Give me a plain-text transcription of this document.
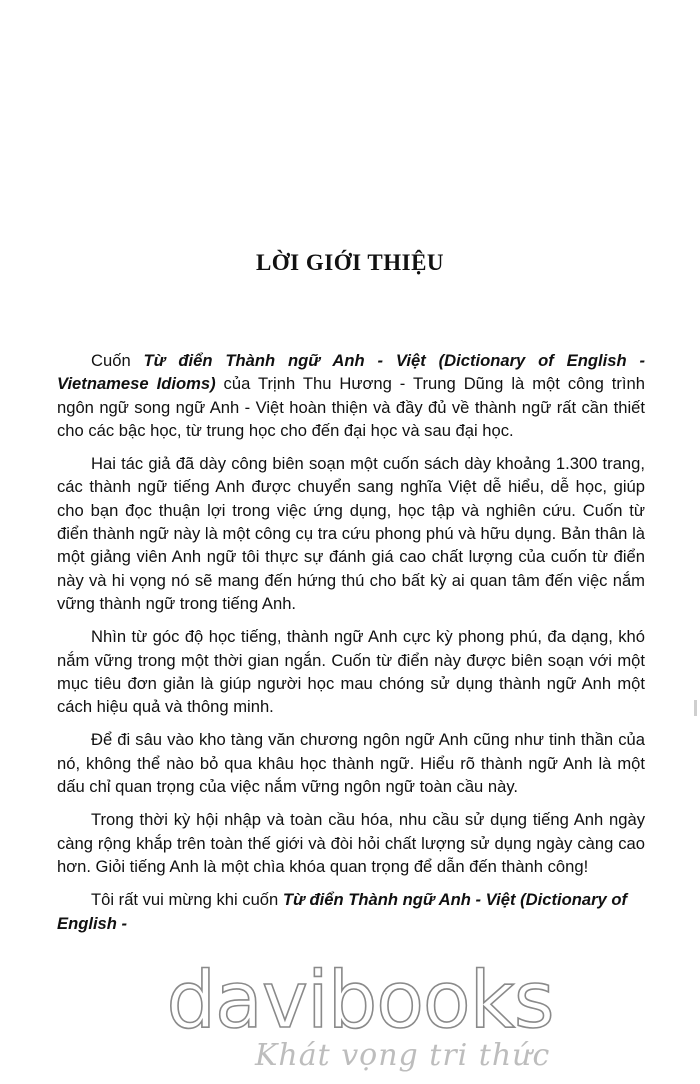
LỜI GIỚI THIỆU

Cuốn Từ điển Thành ngữ Anh - Việt (Dictionary of English - Vietnamese Idioms) của Trịnh Thu Hương - Trung Dũng là một công trình ngôn ngữ song ngữ Anh - Việt hoàn thiện và đầy đủ về thành ngữ rất cần thiết cho các bậc học, từ trung học cho đến đại học và sau đại học.

Hai tác giả đã dày công biên soạn một cuốn sách dày khoảng 1.300 trang, các thành ngữ tiếng Anh được chuyển sang nghĩa Việt dễ hiểu, dễ học, giúp cho bạn đọc thuận lợi trong việc ứng dụng, học tập và nghiên cứu. Cuốn từ điển thành ngữ này là một công cụ tra cứu phong phú và hữu dụng. Bản thân là một giảng viên Anh ngữ tôi thực sự đánh giá cao chất lượng của cuốn từ điển này và hi vọng nó sẽ mang đến hứng thú cho bất kỳ ai quan tâm đến việc nắm vững thành ngữ trong tiếng Anh.

Nhìn từ góc độ học tiếng, thành ngữ Anh cực kỳ phong phú, đa dạng, khó nắm vững trong một thời gian ngắn. Cuốn từ điển này được biên soạn với một mục tiêu đơn giản là giúp người học mau chóng sử dụng thành ngữ Anh một cách hiệu quả và thông minh.

Để đi sâu vào kho tàng văn chương ngôn ngữ Anh cũng như tinh thần của nó, không thể nào bỏ qua khâu học thành ngữ. Hiểu rõ thành ngữ Anh là một dấu chỉ quan trọng của việc nắm vững ngôn ngữ toàn cầu này.

Trong thời kỳ hội nhập và toàn cầu hóa, nhu cầu sử dụng tiếng Anh ngày càng rộng khắp trên toàn thế giới và đòi hỏi chất lượng sử dụng ngày càng cao hơn. Giỏi tiếng Anh là một chìa khóa quan trọng để dẫn đến thành công!

Tôi rất vui mừng khi cuốn Từ điển Thành ngữ Anh - Việt (Dictionary of English -

davibooks
Khát vọng tri thức
